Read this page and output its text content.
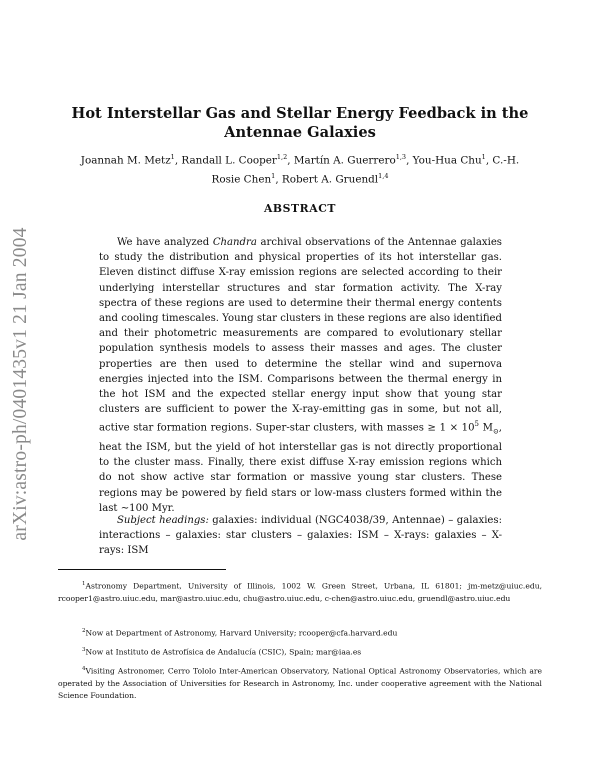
arXiv:astro-ph/0401435v1 21 Jan 2004
Hot Interstellar Gas and Stellar Energy Feedback in the Antennae Galaxies
Joannah M. Metz$^1$, Randall L. Cooper$^{1,2}$, Martín A. Guerrero$^{1,3}$, You-Hua Chu$^1$, C.-H. Rosie Chen$^1$, Robert A. Gruendl$^{1,4}$
ABSTRACT

We have analyzed Chandra archival observations of the Antennae galaxies to study the distribution and physical properties of its hot interstellar gas. Eleven distinct diffuse X-ray emission regions are selected according to their underlying interstellar structures and star formation activity. The X-ray spectra of these regions are used to determine their thermal energy contents and cooling timescales. Young star clusters in these regions are also identified and their photometric measurements are compared to evolutionary stellar population synthesis models to assess their masses and ages. The cluster properties are then used to determine the stellar wind and supernova energies injected into the ISM. Comparisons between the thermal energy in the hot ISM and the expected stellar energy input show that young star clusters are sufficient to power the X-ray-emitting gas in some, but not all, active star formation regions. Super-star clusters, with masses ≥ $1 \times 10^5$ $M_⊙$, heat the ISM, but the yield of hot interstellar gas is not directly proportional to the cluster mass. Finally, there exist diffuse X-ray emission regions which do not show active star formation or massive young star clusters. These regions may be powered by field stars or low-mass clusters formed within the last ∼100 Myr.

Subject headings: galaxies: individual (NGC4038/39, Antennae) – galaxies: interactions – galaxies: star clusters – galaxies: ISM – X-rays: galaxies – X-rays: ISM

$^1$Astronomy Department, University of Illinois, 1002 W. Green Street, Urbana, IL 61801; jm-metz@uiuc.edu, rcooper1@astro.uiuc.edu, mar@astro.uiuc.edu, chu@astro.uiuc.edu, c-chen@astro.uiuc.edu, gruendl@astro.uiuc.edu

$^2$Now at Department of Astronomy, Harvard University; rcooper@cfa.harvard.edu

$^3$Now at Instituto de Astrofísica de Andalucía (CSIC), Spain; mar@iaa.es

$^4$Visiting Astronomer, Cerro Tololo Inter-American Observatory, National Optical Astronomy Observatories, which are operated by the Association of Universities for Research in Astronomy, Inc. under cooperative agreement with the National Science Foundation.
